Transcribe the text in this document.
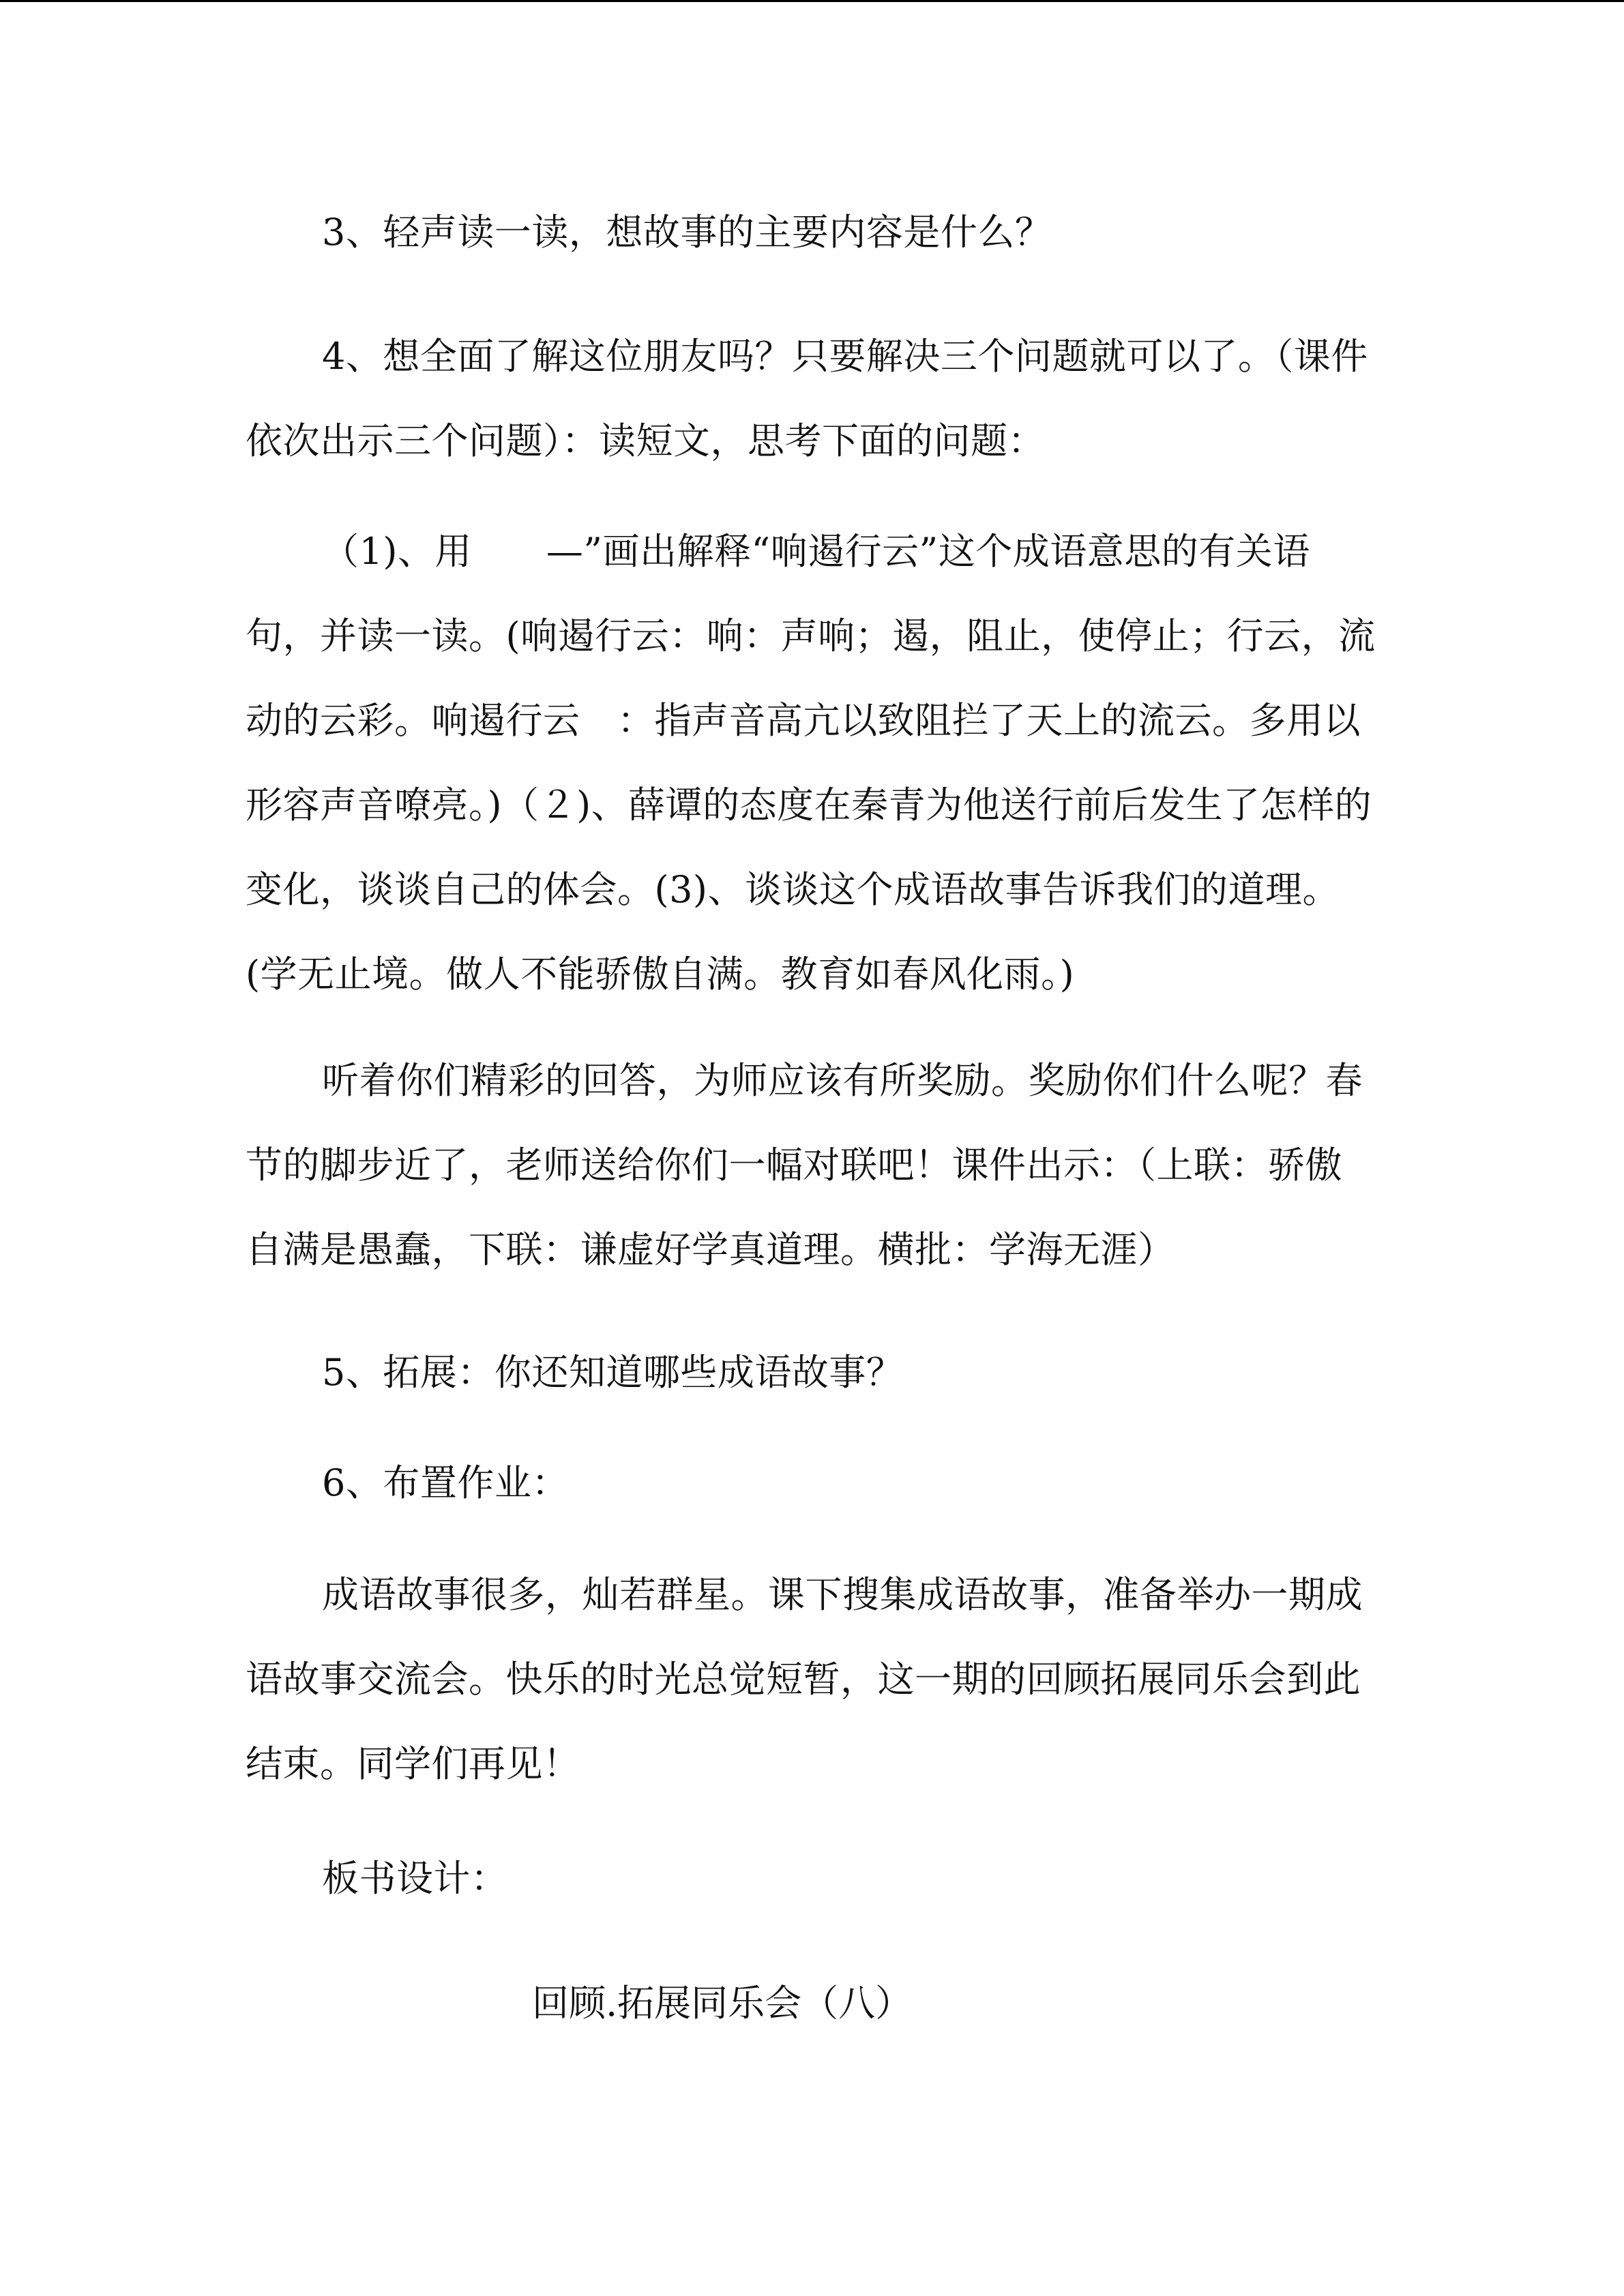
3、轻声读一读，想故事的主要内容是什么？

4、想全面了解这位朋友吗？只要解决三个问题就可以了。（课件依次出示三个问题）：读短文，思考下面的问题：

（1)、用　　—”画出解释“响遏行云”这个成语意思的有关语句，并读一读。(响遏行云：响：声响；遏，阻止，使停止；行云，流动的云彩。响遏行云　：指声音高亢以致阻拦了天上的流云。多用以形容声音嘹亮。)（２)、薛谭的态度在秦青为他送行前后发生了怎样的变化，谈谈自己的体会。(3)、谈谈这个成语故事告诉我们的道理。(学无止境。做人不能骄傲自满。教育如春风化雨。)

听着你们精彩的回答，为师应该有所奖励。奖励你们什么呢？春节的脚步近了，老师送给你们一幅对联吧！课件出示：（上联：骄傲自满是愚蠢，下联：谦虚好学真道理。横批：学海无涯）

5、拓展：你还知道哪些成语故事？

6、布置作业：

成语故事很多，灿若群星。课下搜集成语故事，准备举办一期成语故事交流会。快乐的时光总觉短暂，这一期的回顾拓展同乐会到此结束。同学们再见！

板书设计：

回顾.拓展同乐会（八）
